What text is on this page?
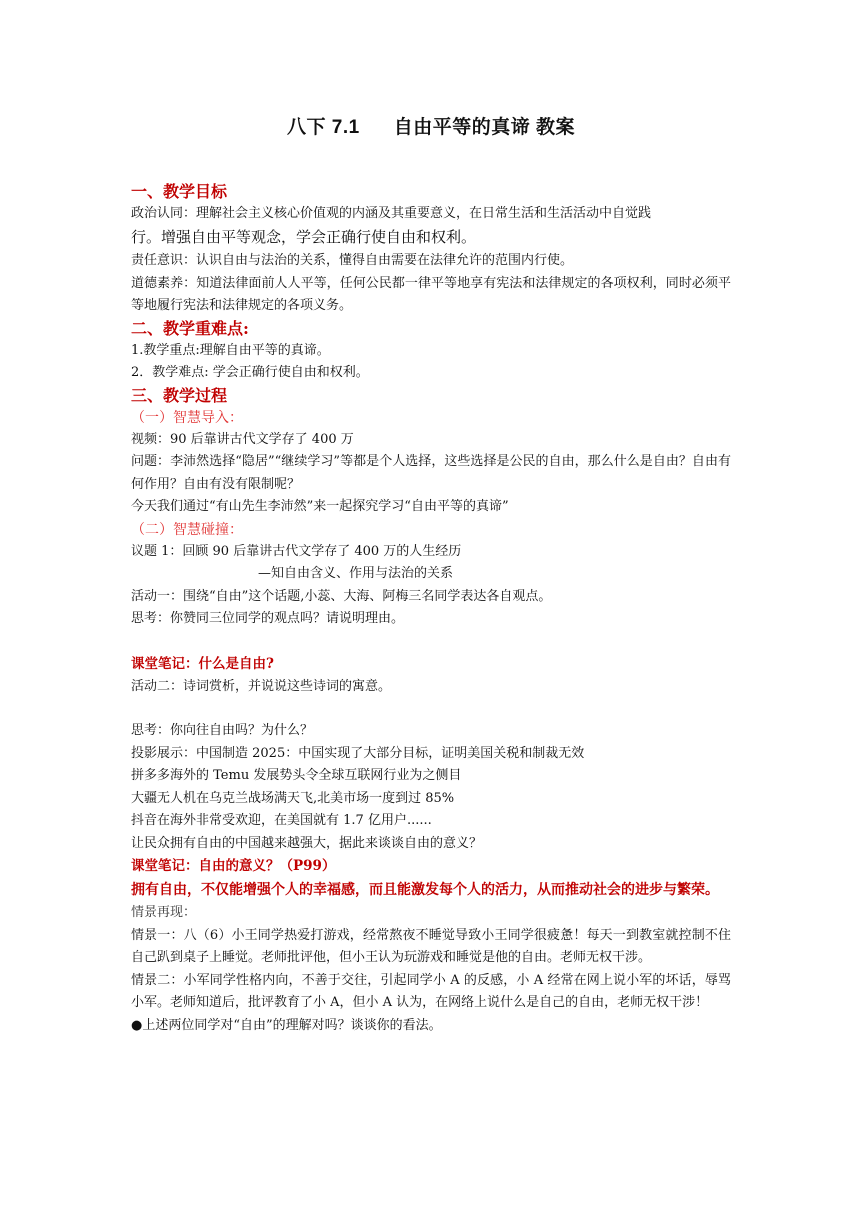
八下 7.1 自由平等的真谛 教案

一、教学目标

政治认同：理解社会主义核心价值观的内涵及其重要意义，在日常生活和生活活动中自觉践
行。增强自由平等观念，学会正确行使自由和权利。

责任意识：认识自由与法治的关系，懂得自由需要在法律允许的范围内行使。

道德素养：知道法律面前人人平等，任何公民都一律平等地享有宪法和法律规定的各项权利，同时必须平等地履行宪法和法律规定的各项义务。

二、教学重难点:

1.教学重点:理解自由平等的真谛。

2．教学难点: 学会正确行使自由和权利。

三、教学过程

（一）智慧导入：

视频：90 后靠讲古代文学存了 400 万

问题：李沛然选择“隐居”“继续学习”等都是个人选择，这些选择是公民的自由，那么什么是自由？自由有何作用？自由有没有限制呢？

今天我们通过“有山先生李沛然”来一起探究学习“自由平等的真谛”

（二）智慧碰撞：

议题 1：回顾 90 后靠讲古代文学存了 400 万的人生经历

—知自由含义、作用与法治的关系

活动一：围绕“自由”这个话题,小蕊、大海、阿梅三名同学表达各自观点。

思考：你赞同三位同学的观点吗？请说明理由。

课堂笔记：什么是自由?

活动二：诗词赏析，并说说这些诗词的寓意。

思考：你向往自由吗？为什么？

投影展示：中国制造 2025：中国实现了大部分目标，证明美国关税和制裁无效

拼多多海外的 Temu 发展势头令全球互联网行业为之侧目

大疆无人机在乌克兰战场满天飞,北美市场一度到过 85%

抖音在海外非常受欢迎，在美国就有 1.7 亿用户......

让民众拥有自由的中国越来越强大，据此来谈谈自由的意义？

课堂笔记：自由的意义？（P99）

拥有自由，不仅能增强个人的幸福感，而且能激发每个人的活力，从而推动社会的进步与繁荣。

情景再现：

情景一：八（6）小王同学热爱打游戏，经常熬夜不睡觉导致小王同学很疲惫！每天一到教室就控制不住自己趴到桌子上睡觉。老师批评他，但小王认为玩游戏和睡觉是他的自由。老师无权干涉。

情景二：小军同学性格内向，不善于交往，引起同学小 A 的反感，小 A 经常在网上说小军的坏话，辱骂小军。老师知道后，批评教育了小 A，但小 A 认为，在网络上说什么是自己的自由，老师无权干涉！

●上述两位同学对“自由”的理解对吗？谈谈你的看法。
